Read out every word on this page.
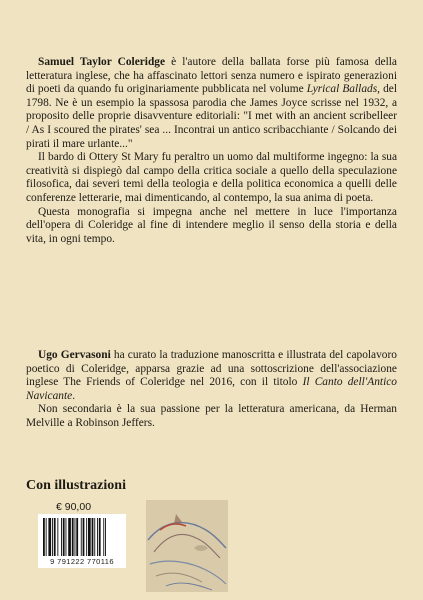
Samuel Taylor Coleridge è l'autore della ballata forse più famosa della letteratura inglese, che ha affascinato lettori senza numero e ispirato generazioni di poeti da quando fu originariamente pubblicata nel volume Lyrical Ballads, del 1798. Ne è un esempio la spassosa parodia che James Joyce scrisse nel 1932, a proposito delle proprie disavventure editoriali: "I met with an ancient scribelleer / As I scoured the pirates' sea ... Incontrai un antico scribacchiante / Solcando dei pirati il mare urlante..."

Il bardo di Ottery St Mary fu peraltro un uomo dal multiforme ingegno: la sua creatività si dispiegò dal campo della critica sociale a quello della speculazione filosofica, dai severi temi della teologia e della politica economica a quelli delle conferenze letterarie, mai dimenticando, al contempo, la sua anima di poeta.

Questa monografia si impegna anche nel mettere in luce l'importanza dell'opera di Coleridge al fine di intendere meglio il senso della storia e della vita, in ogni tempo.

Ugo Gervasoni ha curato la traduzione manoscritta e illustrata del capolavoro poetico di Coleridge, apparsa grazie ad una sottoscrizione dell'associazione inglese The Friends of Coleridge nel 2016, con il titolo Il Canto dell'Antico Navicante.

Non secondaria è la sua passione per la letteratura americana, da Herman Melville a Robinson Jeffers.

Con illustrazioni
€ 90,00
9 791222 770116
